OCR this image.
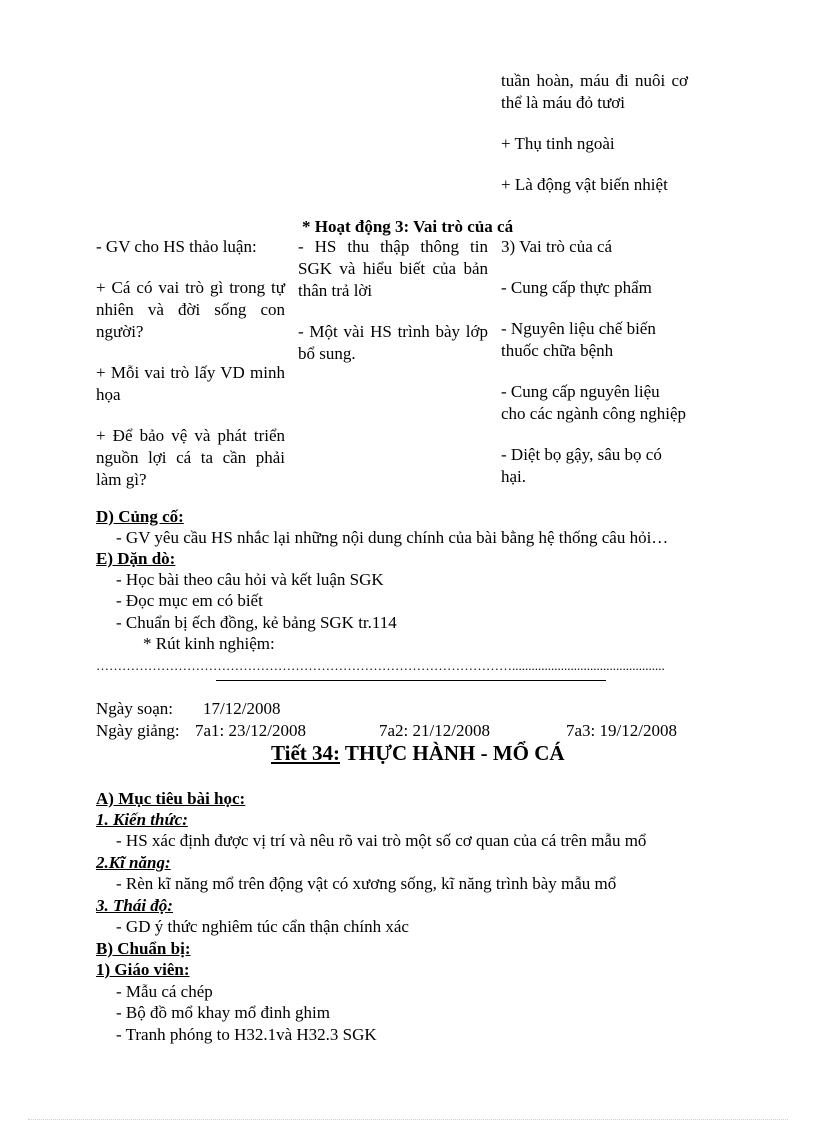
tuần hoàn, máu đi nuôi cơ thể là máu đỏ tươi

+ Thụ tinh ngoài

+ Là động vật biến nhiệt

* Hoạt động 3: Vai trò của cá

- GV cho HS thảo luận:

+ Cá có vai trò gì trong tự nhiên và đời sống con người?

+ Mỗi vai trò lấy VD minh họa

+ Để bảo vệ và phát triển nguồn lợi cá ta cần phải làm gì?

- HS thu thập thông tin SGK và hiểu biết của bản thân trả lời

- Một vài HS trình bày lớp bổ sung.

3) Vai trò của cá

- Cung cấp thực phẩm

- Nguyên liệu chế biến thuốc chữa bệnh

- Cung cấp nguyên liệu cho các ngành công nghiệp

- Diệt bọ gậy, sâu bọ có hại.

D) Củng cố:
- GV yêu cầu HS nhắc lại những nội dung chính của bài bằng hệ thống câu hỏi…
E) Dặn dò:
- Học bài theo câu hỏi và kết luận SGK
- Đọc mục em có biết
- Chuẩn bị ếch đồng, kẻ bảng SGK tr.114
* Rút kinh nghiệm:
……………………………………………………………………………………...............................................
Ngày soạn: 17/12/2008
Ngày giảng: 7a1: 23/12/2008	7a2: 21/12/2008	7a3: 19/12/2008
Tiết 34: THỰC HÀNH - MỔ CÁ
A) Mục tiêu bài học:
1. Kiến thức:
- HS xác định được vị trí và nêu rõ vai trò một số cơ quan của cá trên mẫu mổ
2.Kĩ năng:
- Rèn kĩ năng mổ trên động vật có xương sống, kĩ năng trình bày mẫu mổ
3. Thái độ:
- GD ý thức nghiêm túc cẩn thận chính xác
B) Chuẩn bị:
1) Giáo viên:
- Mẫu cá chép
- Bộ đồ mổ khay mổ đinh ghim
- Tranh phóng to H32.1và H32.3 SGK
